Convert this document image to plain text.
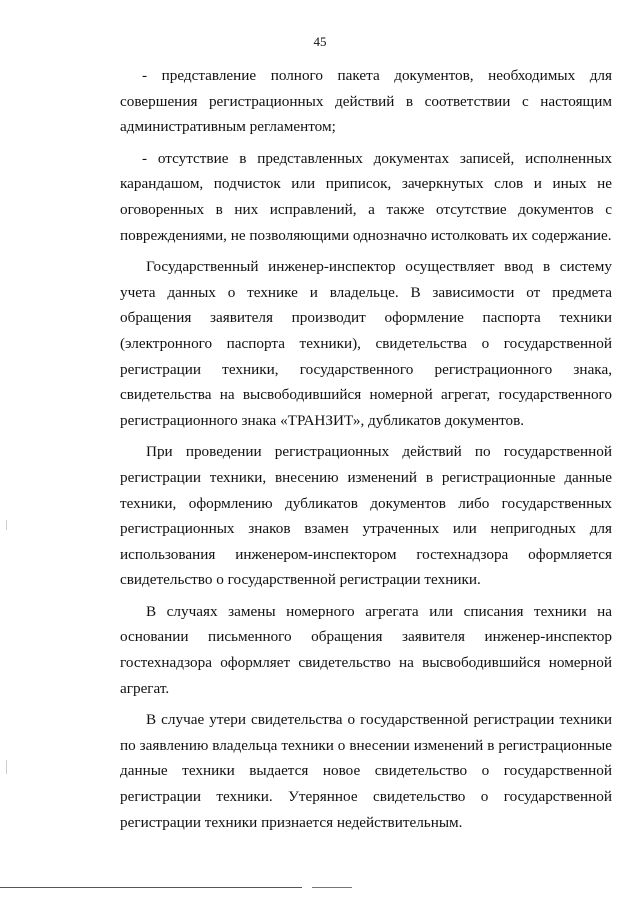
45

- представление полного пакета документов, необходимых для совершения регистрационных действий в соответствии с настоящим административным регламентом;

- отсутствие в представленных документах записей, исполненных карандашом, подчисток или приписок, зачеркнутых слов и иных не оговоренных в них исправлений, а также отсутствие документов с повреждениями, не позволяющими однозначно истолковать их содержание.

Государственный инженер-инспектор осуществляет ввод в систему учета данных о технике и владельце. В зависимости от предмета обращения заявителя производит оформление паспорта техники (электронного паспорта техники), свидетельства о государственной регистрации техники, государственного регистрационного знака, свидетельства на высвободившийся номерной агрегат, государственного регистрационного знака «ТРАНЗИТ», дубликатов документов.

При проведении регистрационных действий по государственной регистрации техники, внесению изменений в регистрационные данные техники, оформлению дубликатов документов либо государственных регистрационных знаков взамен утраченных или непригодных для использования инженером-инспектором гостехнадзора оформляется свидетельство о государственной регистрации техники.

В случаях замены номерного агрегата или списания техники на основании письменного обращения заявителя инженер-инспектор гостехнадзора оформляет свидетельство на высвободившийся номерной агрегат.

В случае утери свидетельства о государственной регистрации техники по заявлению владельца техники о внесении изменений в регистрационные данные техники выдается новое свидетельство о государственной регистрации техники. Утерянное свидетельство о государственной регистрации техники признается недействительным.
